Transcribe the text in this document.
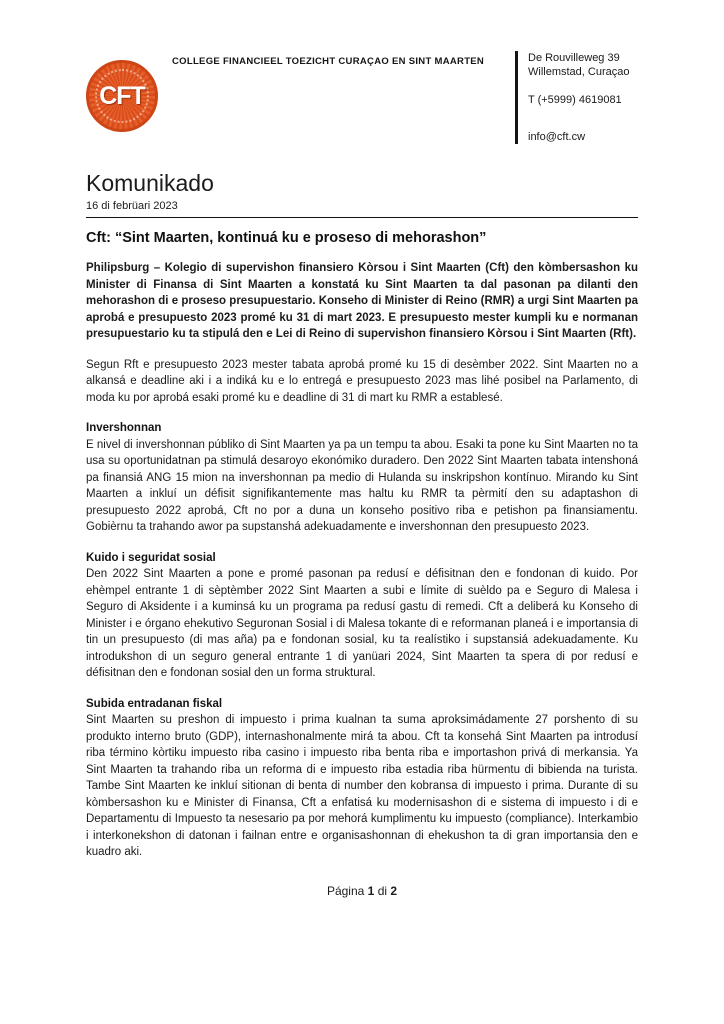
CFT
COLLEGE FINANCIEEL TOEZICHT CURAÇAO EN SINT MAARTEN	De Rouvilleweg 39
Willemstad, Curaçao
T (+5999) 4619081
info@cft.cw
Komunikado
16 di febrüari 2023
Cft: “Sint Maarten, kontinuá ku e proseso di mehorashon”

Philipsburg – Kolegio di supervishon finansiero Kòrsou i Sint Maarten (Cft) den kòmbersashon ku Minister di Finansa di Sint Maarten a konstatá ku Sint Maarten ta dal pasonan pa dilanti den mehorashon di e proseso presupuestario. Konseho di Minister di Reino (RMR) a urgi Sint Maarten pa aprobá e presupuesto 2023 promé ku 31 di mart 2023. E presupuesto mester kumpli ku e normanan presupuestario ku ta stipulá den e Lei di Reino di supervishon finansiero Kòrsou i Sint Maarten (Rft).

Segun Rft e presupuesto 2023 mester tabata aprobá promé ku 15 di desèmber 2022. Sint Maarten no a alkansá e deadline aki i a indiká ku e lo entregá e presupuesto 2023 mas lihé posibel na Parlamento, di moda ku por aprobá esaki promé ku e deadline di 31 di mart ku RMR a establesé.

Invershonnan

E nivel di invershonnan públiko di Sint Maarten ya pa un tempu ta abou. Esaki ta pone ku Sint Maarten no ta usa su oportunidatnan pa stimulá desaroyo ekonómiko duradero. Den 2022 Sint Maarten tabata intenshoná pa finansiá ANG 15 mion na invershonnan pa medio di Hulanda su inskripshon kontínuo. Mirando ku Sint Maarten a inkluí un défisit signifikantemente mas haltu ku RMR ta pèrmití den su adaptashon di presupuesto 2022 aprobá, Cft no por a duna un konseho positivo riba e petishon pa finansiamentu. Gobièrnu ta trahando awor pa supstanshá adekuadamente e invershonnan den presupuesto 2023.

Kuido i seguridat sosial

Den 2022 Sint Maarten a pone e promé pasonan pa redusí e défisitnan den e fondonan di kuido. Por ehèmpel entrante 1 di sèptèmber 2022 Sint Maarten a subi e límite di suèldo pa e Seguro di Malesa i Seguro di Aksidente i a kuminsá ku un programa pa redusí gastu di remedi. Cft a deliberá ku Konseho di Minister i e órgano ehekutivo Seguronan Sosial i di Malesa tokante di e reformanan planeá i e importansia di tin un presupuesto (di mas aña) pa e fondonan sosial, ku ta realístiko i supstansiá adekuadamente. Ku introdukshon di un seguro general entrante 1 di yanüari 2024, Sint Maarten ta spera di por redusí e défisitnan den e fondonan sosial den un forma struktural.

Subida entradanan fiskal

Sint Maarten su preshon di impuesto i prima kualnan ta suma aproksimádamente 27 porshento di su produkto interno bruto (GDP), internashonalmente mirá ta abou. Cft ta konsehá Sint Maarten pa introdusí riba término kòrtiku impuesto riba casino i impuesto riba benta riba e importashon privá di merkansia. Ya Sint Maarten ta trahando riba un reforma di e impuesto riba estadia riba hürmentu di bibienda na turista. Tambe Sint Maarten ke inkluí sitionan di benta di number den kobransa di impuesto i prima. Durante di su kòmbersashon ku e Minister di Finansa, Cft a enfatisá ku modernisashon di e sistema di impuesto i di e Departamentu di Impuesto ta nesesario pa por mehorá kumplimentu ku impuesto (compliance). Interkambio i interkonekshon di datonan i failnan entre e organisashonnan di ehekushon ta di gran importansia den e kuadro aki.

Página 1 di 2
